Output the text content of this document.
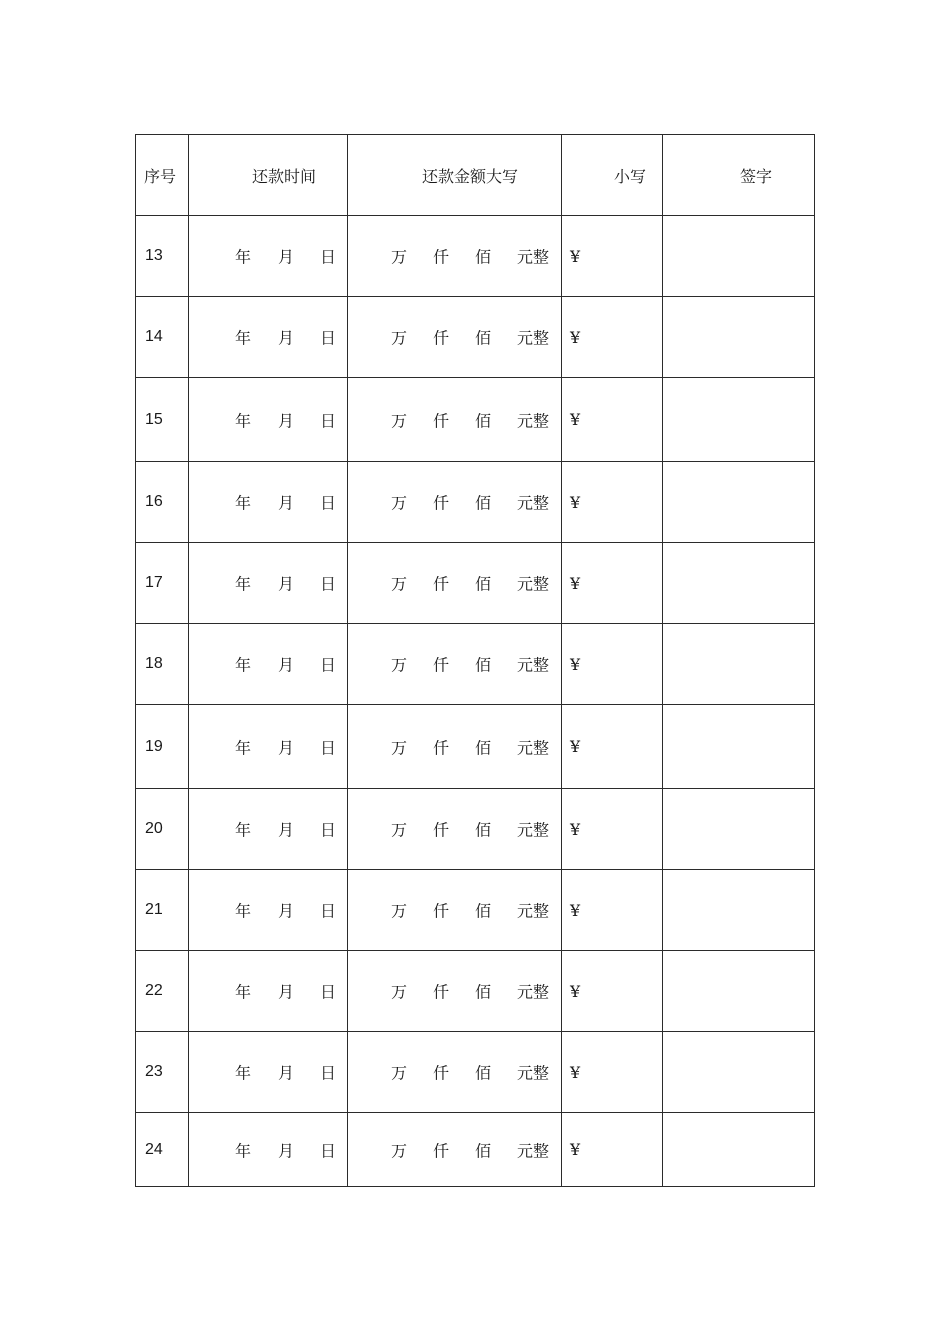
序号	还款时间	还款金额大写	小写	签字
13	年 月 日	万 仟 佰 元整	¥	
14	年 月 日	万 仟 佰 元整	¥	
15	年 月 日	万 仟 佰 元整	¥	
16	年 月 日	万 仟 佰 元整	¥	
17	年 月 日	万 仟 佰 元整	¥	
18	年 月 日	万 仟 佰 元整	¥	
19	年 月 日	万 仟 佰 元整	¥	
20	年 月 日	万 仟 佰 元整	¥	
21	年 月 日	万 仟 佰 元整	¥	
22	年 月 日	万 仟 佰 元整	¥	
23	年 月 日	万 仟 佰 元整	¥	
24	年 月 日	万 仟 佰 元整	¥	
